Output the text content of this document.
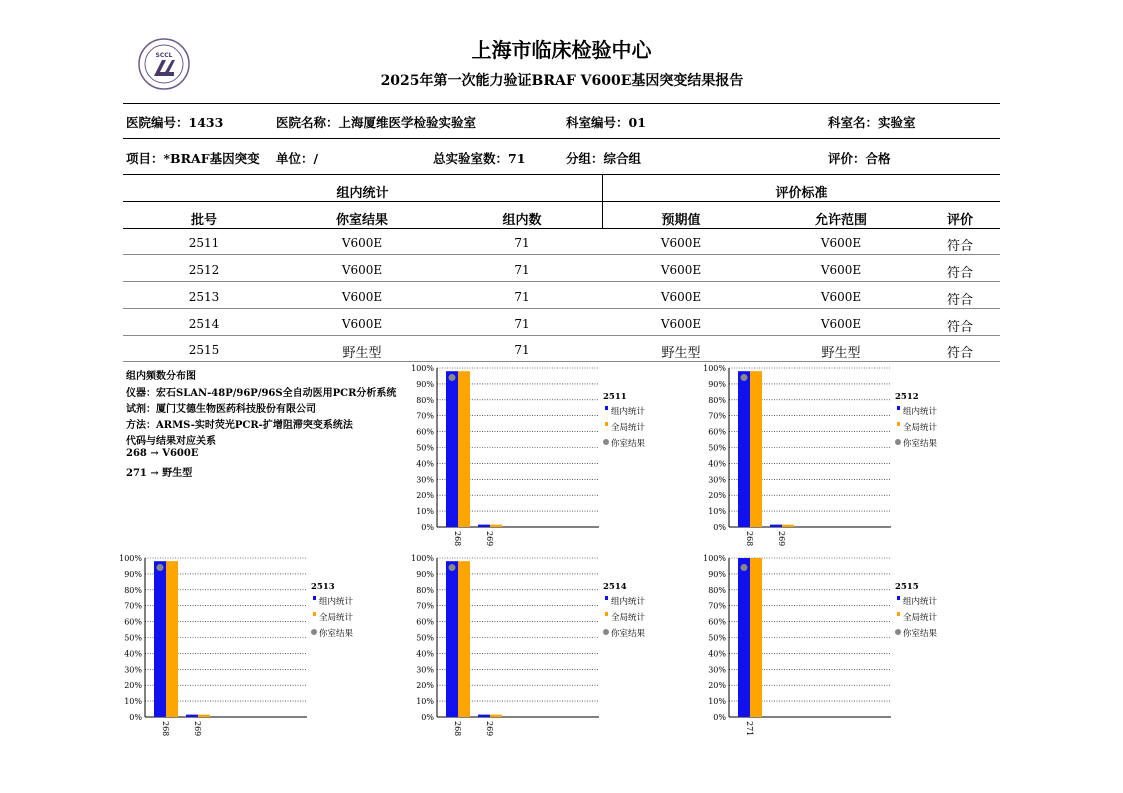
SCCL	上海市临床检验中心
2025年第一次能力验证BRAF V600E基因突变结果报告
医院编号：1433	医院名称：上海厦维医学检验实验室	科室编号：01	科室名：实验室
项目：*BRAF基因突变 单位：/	总实验室数：71	分组：综合组	评价：合格
组内统计	评价标准
批号	你室结果	组内数	预期值	允许范围	评价
2511	V600E	71	V600E	V600E	符合
2512	V600E	71	V600E	V600E	符合
2513	V600E	71	V600E	V600E	符合
2514	V600E	71	V600E	V600E	符合
2515	野生型	71	野生型	野生型	符合
组内频数分布图
仪器：宏石SLAN-48P/96P/96S全自动医用PCR分析系统
试剂：厦门艾德生物医药科技股份有限公司
方法：ARMS-实时荧光PCR-扩增阻滞突变系统法
代码与结果对应关系
268 → V600E
271 → 野生型
0%
10%
20%
30%
40%
50%
60%
70%
80%
90%
100%
268	269
2511
组内统计
全局统计
你室结果
0%
10%
20%
30%
40%
50%
60%
70%
80%
90%
100%
268	269
2512
组内统计
全局统计
你室结果
0%
10%
20%
30%
40%
50%
60%
70%
80%
90%
100%
268	269
2513
组内统计
全局统计
你室结果
0%
10%
20%
30%
40%
50%
60%
70%
80%
90%
100%
268	269
2514
组内统计
全局统计
你室结果
0%
10%
20%
30%
40%
50%
60%
70%
80%
90%
100%
271
2515
组内统计
全局统计
你室结果
